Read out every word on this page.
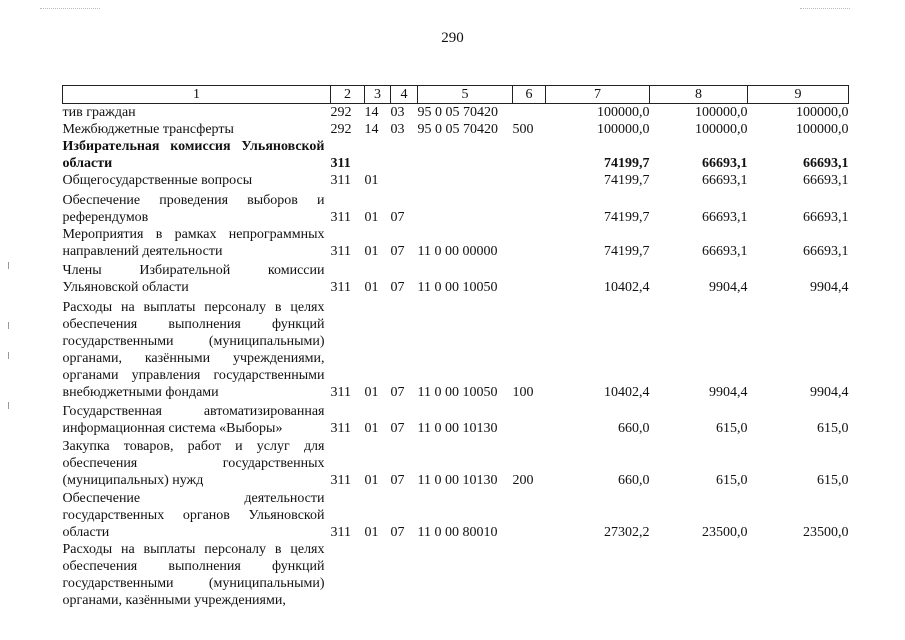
290
1	2	3	4	5	6	7	8	9
тив граждан	292	14	03	95 0 05 70420		100000,0	100000,0	100000,0
Межбюджетные трансферты	292	14	03	95 0 05 70420	500	100000,0	100000,0	100000,0
Избирательная комиссия Ульяновской области	311					74199,7	66693,1	66693,1
Общегосударственные вопросы	311	01				74199,7	66693,1	66693,1
Обеспечение проведения выборов и референдумов	311	01	07			74199,7	66693,1	66693,1
Мероприятия в рамках непрограммных направлений деятельности	311	01	07	11 0 00 00000		74199,7	66693,1	66693,1
Члены Избирательной комиссии Ульяновской области	311	01	07	11 0 00 10050		10402,4	9904,4	9904,4
Расходы на выплаты персоналу в целях обеспечения выполнения функций государственными (муниципальными) органами, казёнными учреждениями, органами управления государственными внебюджетными фондами	311	01	07	11 0 00 10050	100	10402,4	9904,4	9904,4
Государственная автоматизированная информационная система «Выборы»	311	01	07	11 0 00 10130		660,0	615,0	615,0
Закупка товаров, работ и услуг для обеспечения государственных (муниципальных) нужд	311	01	07	11 0 00 10130	200	660,0	615,0	615,0
Обеспечение деятельности государственных органов Ульяновской области	311	01	07	11 0 00 80010		27302,2	23500,0	23500,0
Расходы на выплаты персоналу в целях обеспечения выполнения функций государственными (муниципальными) органами, казёнными учреждениями,								
